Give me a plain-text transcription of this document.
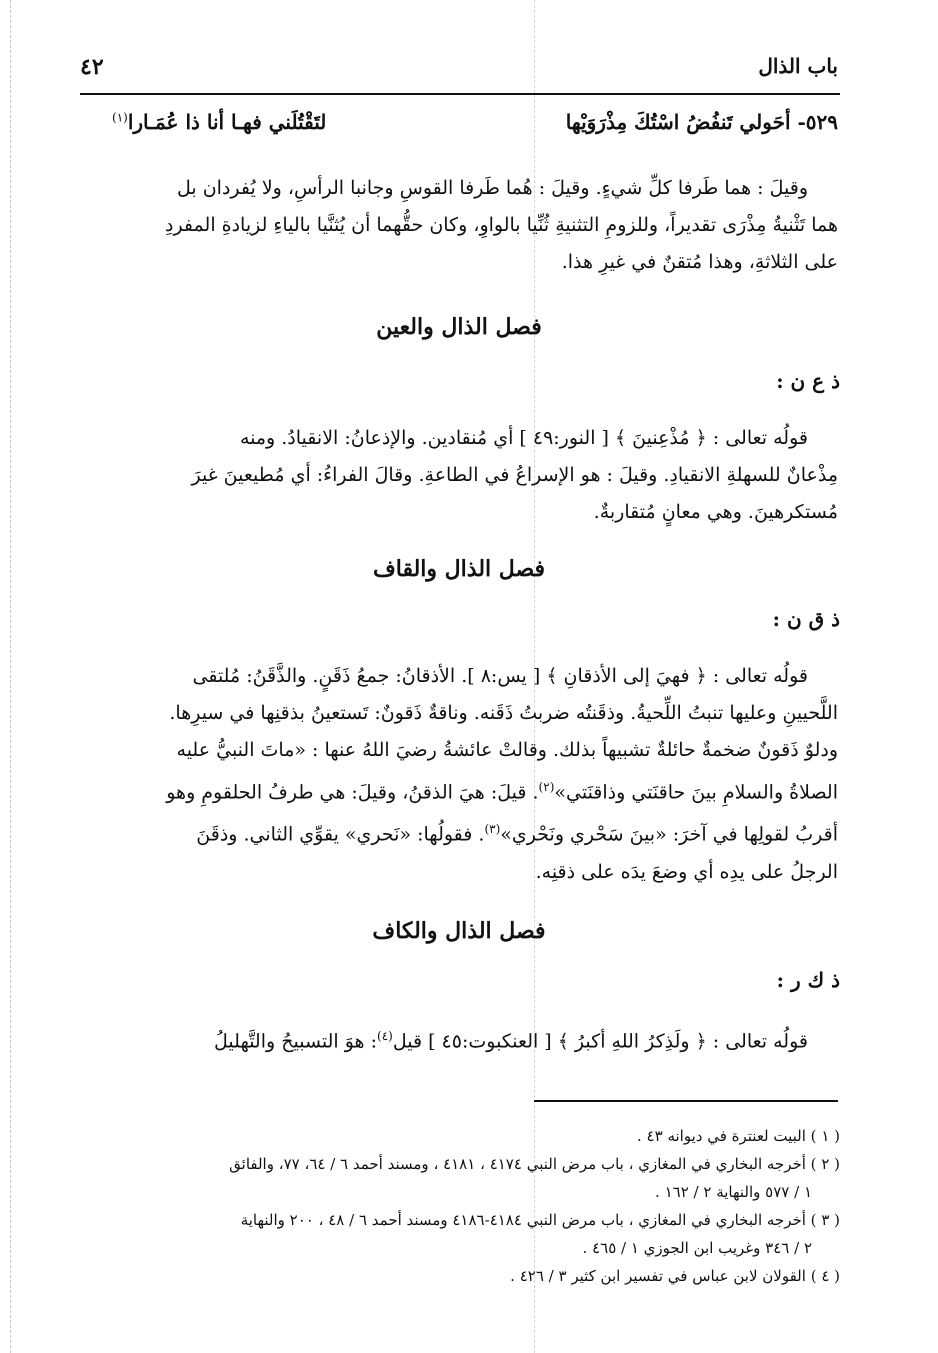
باب الذال
٤٢
٥٢٩- أحَولي تَنفُضُ اسْتُكَ مِذْرَوَيْها
لتَقْتُلَني فهـا أنا ذا عُمَـارا$^{(١)}$

وقيلَ : هما طَرفا كلِّ شيءٍ. وقيلَ : هُما طَرفا القوسِ وجانبا الرأسِ، ولا يُفردان بل

هما تَثْنيةُ مِذْرَى تقديراً، وللزومِ التثنيةِ ثُنِّيا بالواوِ، وكان حقُّهما أن يُثنَّيا بالياءِ لزيادةِ المفردِ

على الثلاثةِ، وهذا مُتقنٌ في غيرِ هذا.

فصل الذال والعين
ذ ع ن :

قولُه تعالى : ﴿ مُذْعِنينَ ﴾ [ النور:٤٩ ] أي مُنقادين. والإذعانُ: الانقيادُ. ومنه

مِذْعانٌ للسهلةِ الانقيادِ. وقيلَ : هو الإسراعُ في الطاعةِ. وقالَ الفراءُ: أي مُطيعينَ غيرَ

مُستكرهينَ. وهي معانٍ مُتقاربةٌ.

فصل الذال والقاف
ذ ق ن :

قولُه تعالى : ﴿ فهيَ إلى الأذقانِ ﴾ [ يس:٨ ]. الأذقانُ: جمعُ ذَقَنٍ. والذَّقَنُ: مُلتقى

اللَّحيينِ وعليها تنبتُ اللِّحيةُ. وذقَنتُه ضربتُ ذَقَنه. وناقةٌ ذَقونٌ: تَستعينُ بذقنِها في سيرِها.

ودلوٌ ذَقونٌ ضخمةٌ حائلةٌ تشبيهاً بذلك. وقالتْ عائشةُ رضيَ اللهُ عنها : «ماتَ النبيُّ عليه

الصلاةُ والسلامِ بينَ حاقنَتي وذاقنَتي»$^{(٢)}$. قيلَ: هيَ الذقنُ، وقيلَ: هي طرفُ الحلقومِ وهو

أقربُ لقولِها في آخرَ: «بينَ سَحْري ونَحْري»$^{(٣)}$. فقولُها: «نَحري» يقوِّي الثاني. وذقَنَ

الرجلُ على يدِه أي وضعَ يدَه على ذقنِه.

فصل الذال والكاف
ذ ك ر :

قولُه تعالى : ﴿ ولَذِكرُ اللهِ أكبرُ ﴾ [ العنكبوت:٤٥ ] قيل$^{(٤)}$: هوَ التسبيحُ والتَّهليلُ

( ١ ) البيت لعنترة في ديوانه ٤٣ .

( ٢ ) أخرجه البخاري في المغازي ، باب مرض النبي ٤١٧٤ ، ٤١٨١ ، ومسند أحمد ٦ / ٦٤، ٧٧، والفائق

١ / ٥٧٧ والنهاية ٢ / ١٦٢ .

( ٣ ) أخرجه البخاري في المغازي ، باب مرض النبي ٤١٨٤-٤١٨٦ ومسند أحمد ٦ / ٤٨ ، ٢٠٠ والنهاية

٢ / ٣٤٦ وغريب ابن الجوزي ١ / ٤٦٥ .

( ٤ ) القولان لابن عباس في تفسير ابن كثير ٣ / ٤٢٦ .
